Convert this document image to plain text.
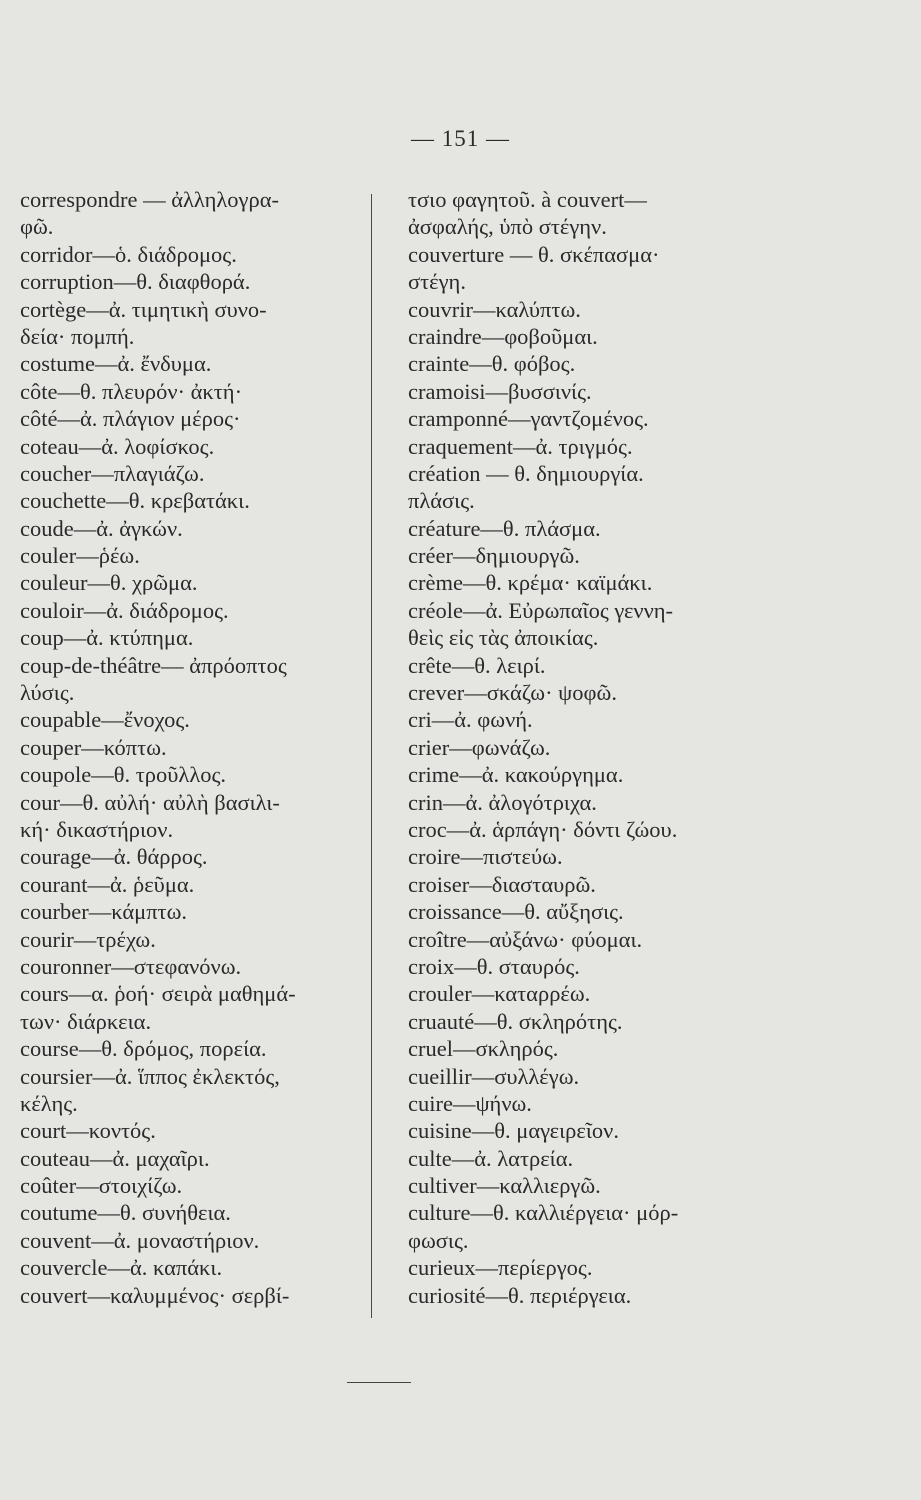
— 151 —
correspondre — ἀλληλογρα-
φῶ.
corridor—ὁ. διάδρομος.
corruption—θ. διαφθορά.
cortège—ἀ. τιμητικὴ συνο-
δεία· πομπή.
costume—ἀ. ἔνδυμα.
côte—θ. πλευρόν· ἀκτή·
côté—ἀ. πλάγιον μέρος·
coteau—ἀ. λοφίσκος.
coucher—πλαγιάζω.
couchette—θ. κρεβατάκι.
coude—ἀ. ἀγκών.
couler—ῥέω.
couleur—θ. χρῶμα.
couloir—ἀ. διάδρομος.
coup—ἀ. κτύπημα.
coup-de-théâtre— ἀπρόοπτος
λύσις.
coupable—ἔνοχος.
couper—κόπτω.
coupole—θ. τροῦλλος.
cour—θ. αὐλή· αὐλὴ βασιλι-
κή· δικαστήριον.
courage—ἀ. θάρρος.
courant—ἀ. ῥεῦμα.
courber—κάμπτω.
courir—τρέχω.
couronner—στεφανόνω.
cours—α. ῥοή· σειρὰ μαθημά-
των· διάρκεια.
course—θ. δρόμος, πορεία.
coursier—ἀ. ἵππος ἐκλεκτός,
κέλης.
court—κοντός.
couteau—ἀ. μαχαῖρι.
coûter—στοιχίζω.
coutume—θ. συνήθεια.
couvent—ἀ. μοναστήριον.
couvercle—ἀ. καπάκι.
couvert—καλυμμένος· σερβί-
τσιο φαγητοῦ. à couvert—
ἀσφαλής, ὑπὸ στέγην.
couverture — θ. σκέπασμα·
στέγη.
couvrir—καλύπτω.
craindre—φοβοῦμαι.
crainte—θ. φόβος.
cramoisi—βυσσινίς.
cramponné—γαντζομένος.
craquement—ἀ. τριγμός.
création — θ. δημιουργία.
πλάσις.
créature—θ. πλάσμα.
créer—δημιουργῶ.
crème—θ. κρέμα· καϊμάκι.
créole—ἀ. Εὐρωπαῖος γεννη-
θεὶς εἰς τὰς ἀποικίας.
crête—θ. λειρί.
crever—σκάζω· ψοφῶ.
cri—ἀ. φωνή.
crier—φωνάζω.
crime—ἀ. κακούργημα.
crin—ἀ. ἀλογότριχα.
croc—ἀ. ἁρπάγη· δόντι ζώου.
croire—πιστεύω.
croiser—διασταυρῶ.
croissance—θ. αὔξησις.
croître—αὐξάνω· φύομαι.
croix—θ. σταυρός.
crouler—καταρρέω.
cruauté—θ. σκληρότης.
cruel—σκληρός.
cueillir—συλλέγω.
cuire—ψήνω.
cuisine—θ. μαγειρεῖον.
culte—ἀ. λατρεία.
cultiver—καλλιεργῶ.
culture—θ. καλλιέργεια· μόρ-
φωσις.
curieux—περίεργος.
curiosité—θ. περιέργεια.
